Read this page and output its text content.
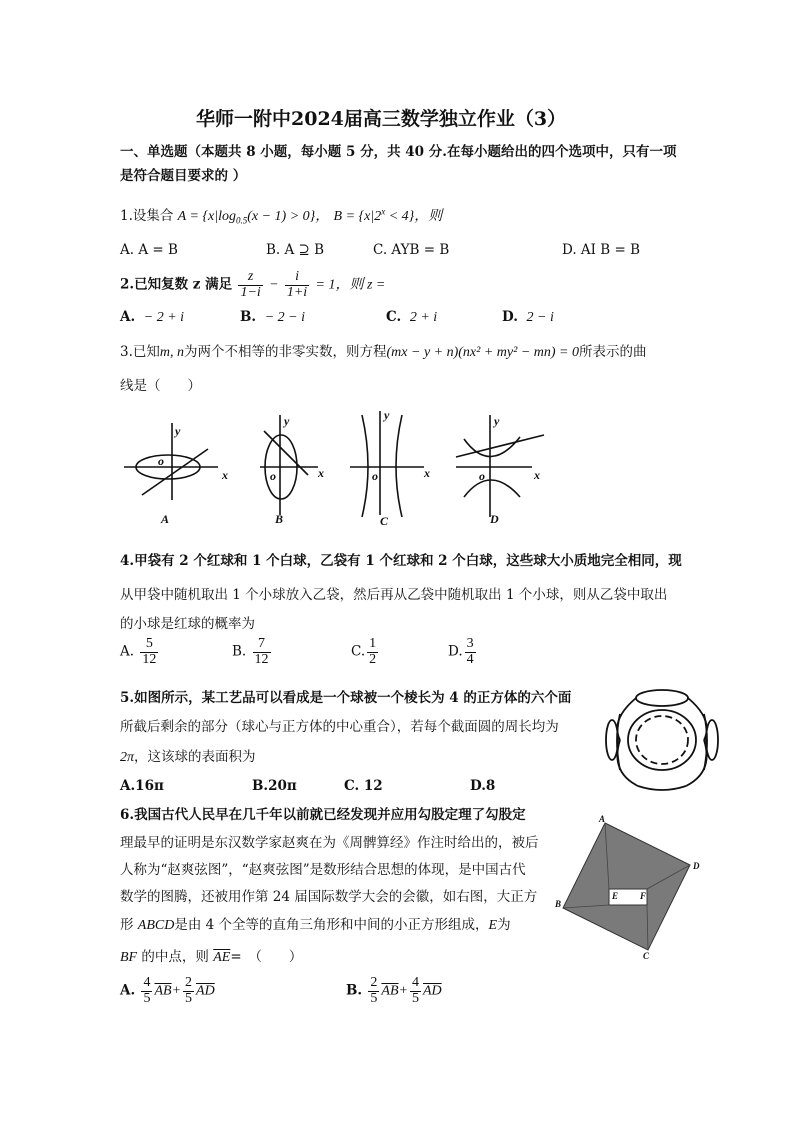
华师一附中2024届高三数学独立作业（3）
一、单选题（本题共 8 小题，每小题 5 分，共 40 分.在每小题给出的四个选项中，只有一项
是符合题目要求的 ）
1.设集合 $A = \{x|\log_{0.5}(x - 1) > 0\}$， $B = \{x|2^x < 4\}$，则
A. A = B	B. A ⊇ B	C. AYB = B	D. AI B = B
2.已知复数 z 满足 $\frac{z}{1-i} - \frac{i}{1+i} = 1$，则 z =
A. − 2 + i	B. − 2 − i	C. 2 + i	D. 2 − i
3.已知m, n为两个不相等的非零实数，则方程(mx − y + n)(nx² + my² − mn) = 0所表示的曲
线是（　　）
x
y
o
A
x
y
o
B
x
y
o
C
x
y
o
D
4.甲袋有 2 个红球和 1 个白球，乙袋有 1 个红球和 2 个白球，这些球大小质地完全相同，现
从甲袋中随机取出 1 个小球放入乙袋，然后再从乙袋中随机取出 1 个小球，则从乙袋中取出
的小球是红球的概率为
A. $\frac{5}{12}$	B. $\frac{7}{12}$	C. $\frac{1}{2}$	D. $\frac{3}{4}$
5.如图所示，某工艺品可以看成是一个球被一个棱长为 4 的正方体的六个面
所截后剩余的部分（球心与正方体的中心重合），若每个截面圆的周长均为
2π，这该球的表面积为
A.16π	B.20π	C. 12	D.8
6.我国古代人民早在几千年以前就已经发现并应用勾股定理了勾股定
理最早的证明是东汉数学家赵爽在为《周髀算经》作注时给出的，被后
人称为“赵爽弦图”，“赵爽弦图”是数形结合思想的体现，是中国古代
数学的图腾，还被用作第 24 届国际数学大会的会徽，如右图，大正方
形 ABCD是由 4 个全等的直角三角形和中间的小正方形组成，E为
BF 的中点，则 $\overline{AE}=$　（　　）
A. $\frac{4}{5} \overline{AB}+ \frac{2}{5} \overline{AD}$	B. $\frac{2}{5} \overline{AB}+ \frac{4}{5} \overline{AD}$
A
B
C
D
E F
